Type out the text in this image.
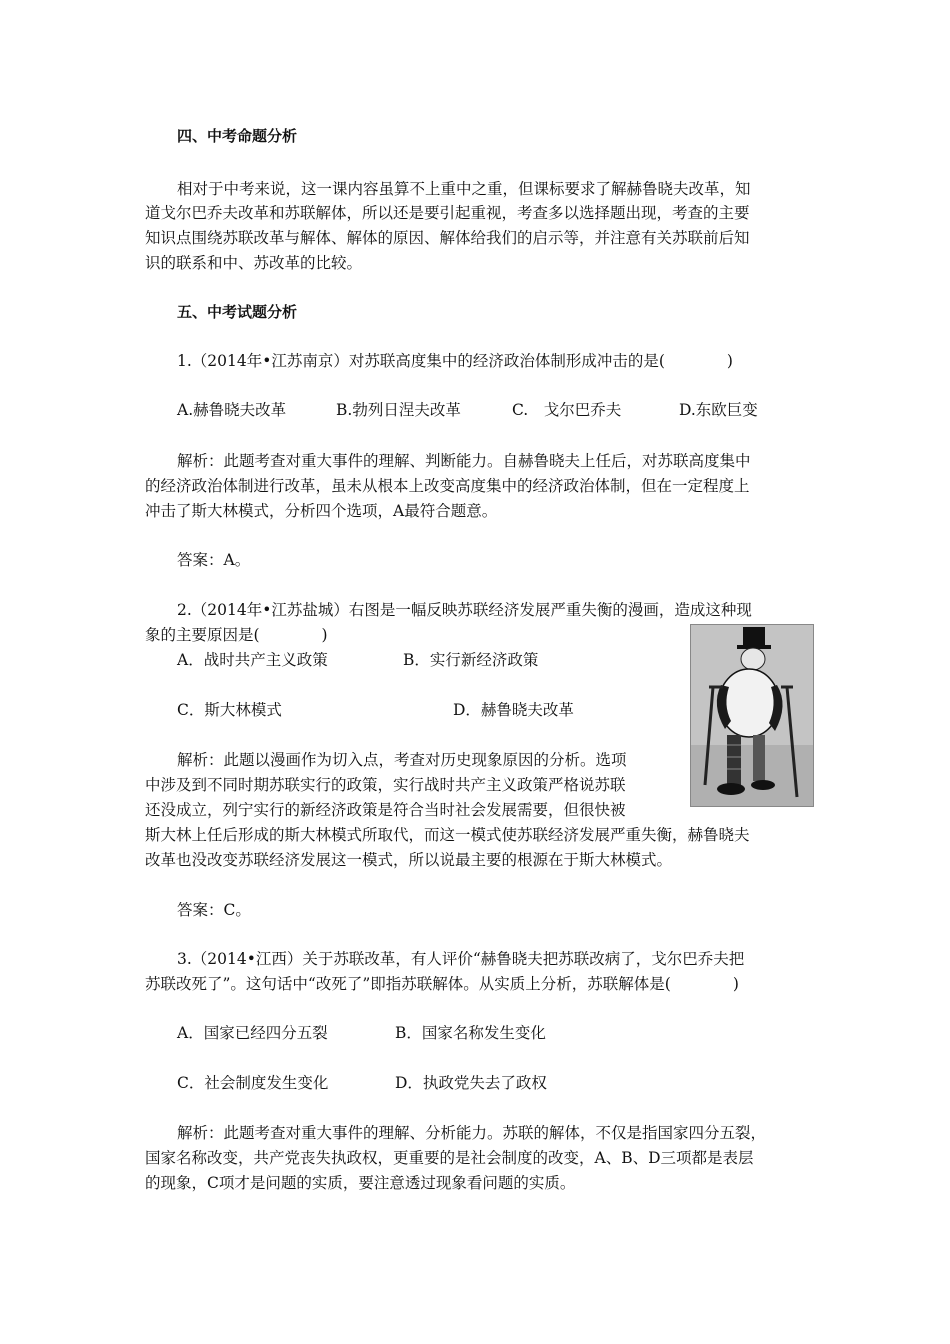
四、中考命题分析
相对于中考来说，这一课内容虽算不上重中之重，但课标要求了解赫鲁晓夫改革，知
道戈尔巴乔夫改革和苏联解体，所以还是要引起重视，考查多以选择题出现，考查的主要
知识点围绕苏联改革与解体、解体的原因、解体给我们的启示等，并注意有关苏联前后知
识的联系和中、苏改革的比较。
五、中考试题分析
1.（2014年•江苏南京）对苏联高度集中的经济政治体制形成冲击的是(　　　　)
A.赫鲁晓夫改革	B.勃列日涅夫改革	C.　戈尔巴乔夫	D.东欧巨变
解析：此题考查对重大事件的理解、判断能力。自赫鲁晓夫上任后，对苏联高度集中
的经济政治体制进行改革，虽未从根本上改变高度集中的经济政治体制，但在一定程度上
冲击了斯大林模式，分析四个选项，A最符合题意。
答案：A。
2.（2014年•江苏盐城）右图是一幅反映苏联经济发展严重失衡的漫画，造成这种现
象的主要原因是(　　　　)
A．战时共产主义政策	B．实行新经济政策
C．斯大林模式	D．赫鲁晓夫改革
解析：此题以漫画作为切入点，考查对历史现象原因的分析。选项
中涉及到不同时期苏联实行的政策，实行战时共产主义政策严格说苏联
还没成立，列宁实行的新经济政策是符合当时社会发展需要，但很快被
斯大林上任后形成的斯大林模式所取代，而这一模式使苏联经济发展严重失衡，赫鲁晓夫
改革也没改变苏联经济发展这一模式，所以说最主要的根源在于斯大林模式。
答案：C。
3.（2014•江西）关于苏联改革，有人评价“赫鲁晓夫把苏联改病了，戈尔巴乔夫把
苏联改死了”。这句话中“改死了”即指苏联解体。从实质上分析，苏联解体是(　　　　)
A．国家已经四分五裂	B．国家名称发生变化
C．社会制度发生变化	D．执政党失去了政权
解析：此题考查对重大事件的理解、分析能力。苏联的解体，不仅是指国家四分五裂，
国家名称改变，共产党丧失执政权，更重要的是社会制度的改变，A、B、D三项都是表层
的现象，C项才是问题的实质，要注意透过现象看问题的实质。
